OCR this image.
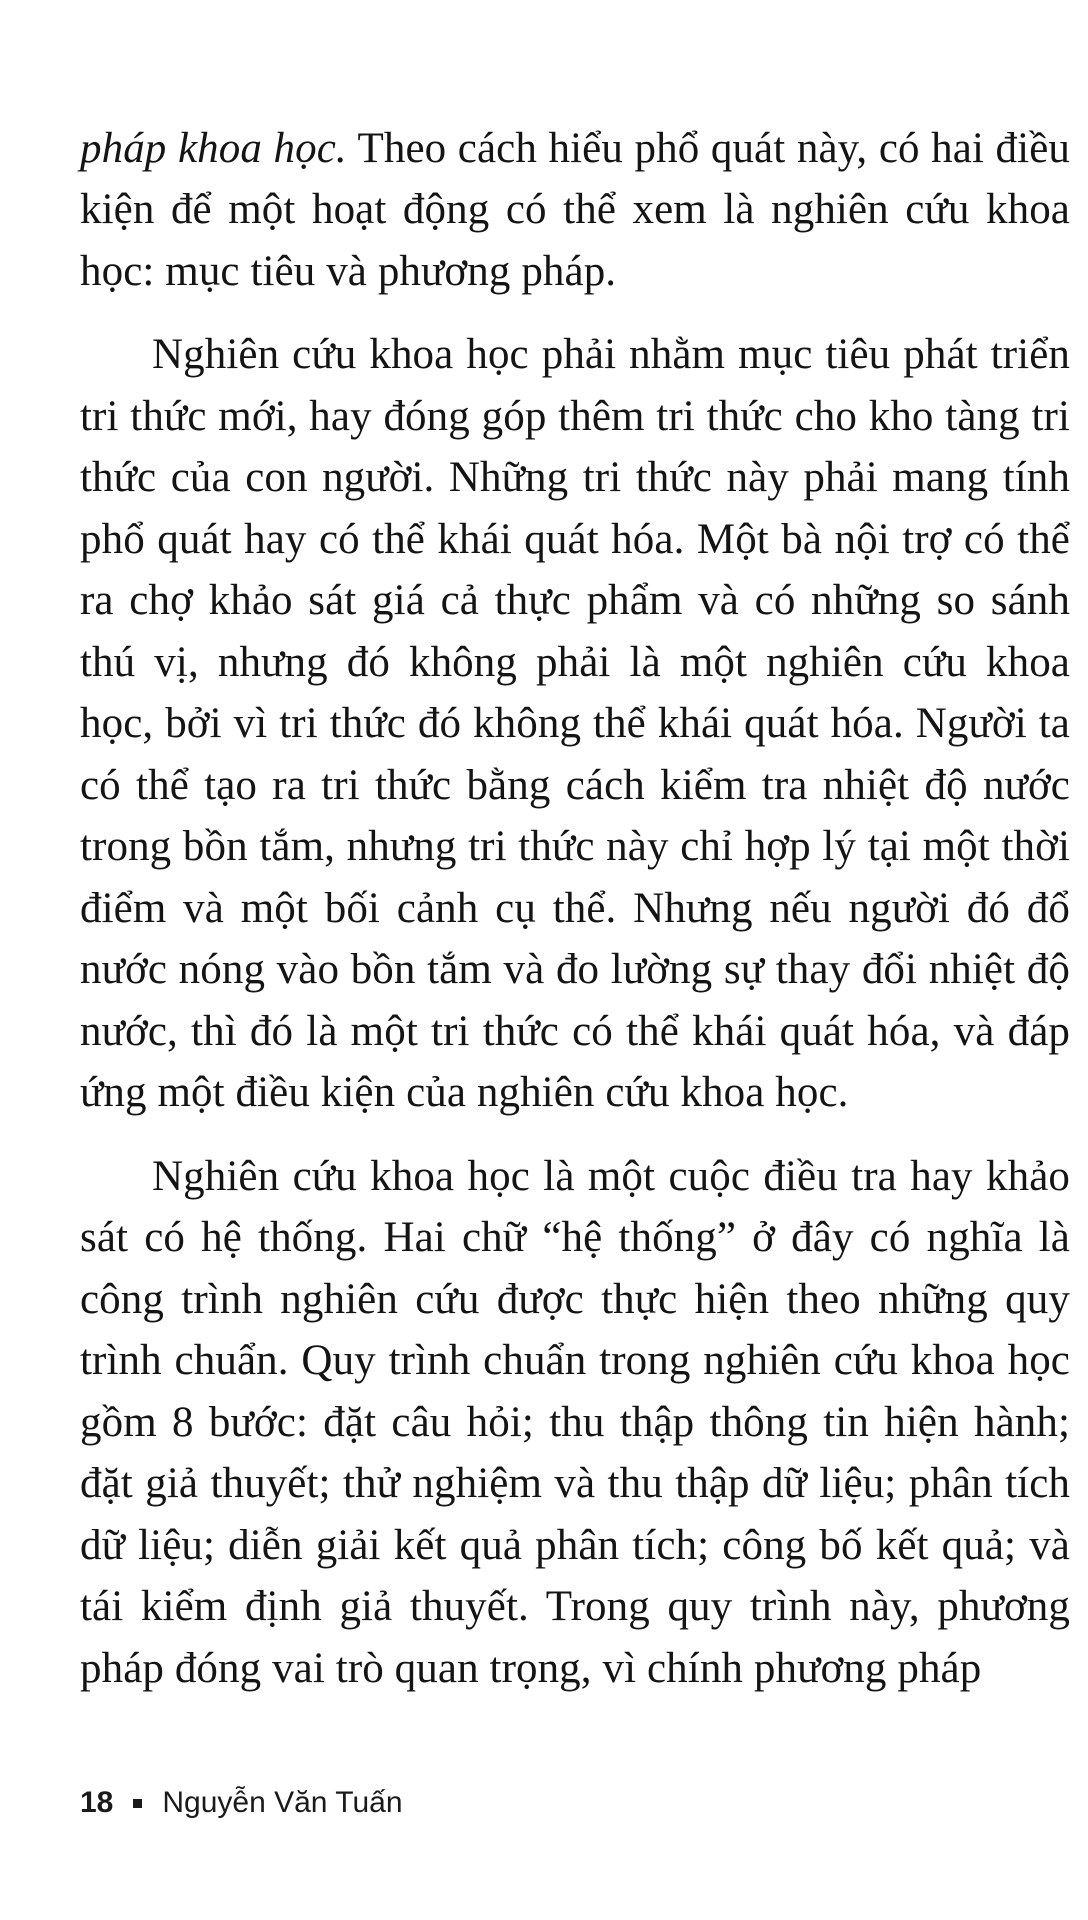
pháp khoa học. Theo cách hiểu phổ quát này, có hai điều kiện để một hoạt động có thể xem là nghiên cứu khoa học: mục tiêu và phương pháp.

Nghiên cứu khoa học phải nhằm mục tiêu phát triển tri thức mới, hay đóng góp thêm tri thức cho kho tàng tri thức của con người. Những tri thức này phải mang tính phổ quát hay có thể khái quát hóa. Một bà nội trợ có thể ra chợ khảo sát giá cả thực phẩm và có những so sánh thú vị, nhưng đó không phải là một nghiên cứu khoa học, bởi vì tri thức đó không thể khái quát hóa. Người ta có thể tạo ra tri thức bằng cách kiểm tra nhiệt độ nước trong bồn tắm, nhưng tri thức này chỉ hợp lý tại một thời điểm và một bối cảnh cụ thể. Nhưng nếu người đó đổ nước nóng vào bồn tắm và đo lường sự thay đổi nhiệt độ nước, thì đó là một tri thức có thể khái quát hóa, và đáp ứng một điều kiện của nghiên cứu khoa học.

Nghiên cứu khoa học là một cuộc điều tra hay khảo sát có hệ thống. Hai chữ “hệ thống” ở đây có nghĩa là công trình nghiên cứu được thực hiện theo những quy trình chuẩn. Quy trình chuẩn trong nghiên cứu khoa học gồm 8 bước: đặt câu hỏi; thu thập thông tin hiện hành; đặt giả thuyết; thử nghiệm và thu thập dữ liệu; phân tích dữ liệu; diễn giải kết quả phân tích; công bố kết quả; và tái kiểm định giả thuyết. Trong quy trình này, phương pháp đóng vai trò quan trọng, vì chính phương pháp

18 Nguyễn Văn Tuấn
